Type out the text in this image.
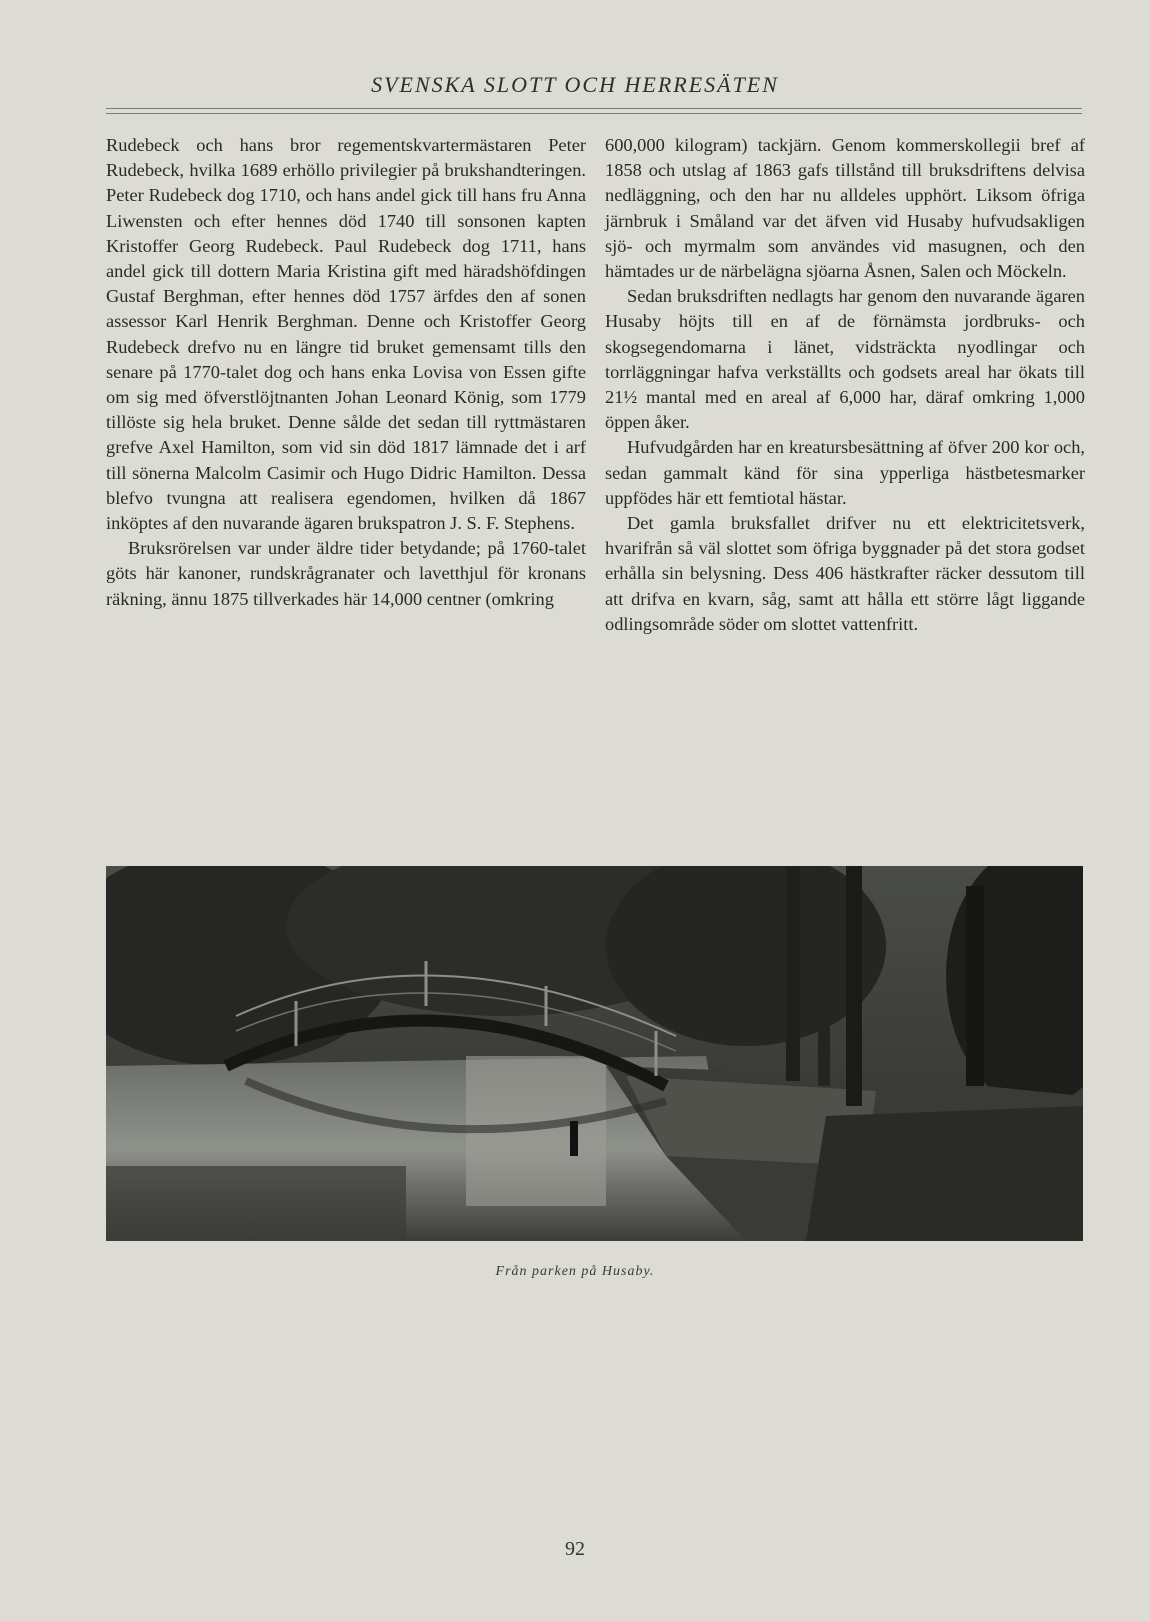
SVENSKA SLOTT OCH HERRESÄTEN

Rudebeck och hans bror regementskvartermästaren Peter Rudebeck, hvilka 1689 erhöllo privilegier på brukshandteringen. Peter Rudebeck dog 1710, och hans andel gick till hans fru Anna Liwensten och efter hennes död 1740 till sonsonen kapten Kristoffer Georg Rudebeck. Paul Rudebeck dog 1711, hans andel gick till dottern Maria Kristina gift med häradshöfdingen Gustaf Berghman, efter hennes död 1757 ärfdes den af sonen assessor Karl Henrik Berghman. Denne och Kristoffer Georg Rudebeck drefvo nu en längre tid bruket gemensamt tills den senare på 1770-talet dog och hans enka Lovisa von Essen gifte om sig med öfverstlöjtnanten Johan Leonard König, som 1779 tillöste sig hela bruket. Denne sålde det sedan till ryttmästaren grefve Axel Hamilton, som vid sin död 1817 lämnade det i arf till sönerna Malcolm Casimir och Hugo Didric Hamilton. Dessa blefvo tvungna att realisera egendomen, hvilken då 1867 inköptes af den nuvarande ägaren brukspatron J. S. F. Stephens.

Bruksrörelsen var under äldre tider betydande; på 1760-talet göts här kanoner, rundskrågranater och lavetthjul för kronans räkning, ännu 1875 tillverkades här 14,000 centner (omkring

600,000 kilogram) tackjärn. Genom kommerskollegii bref af 1858 och utslag af 1863 gafs tillstånd till bruksdriftens delvisa nedläggning, och den har nu alldeles upphört. Liksom öfriga järnbruk i Småland var det äfven vid Husaby hufvudsakligen sjö- och myrmalm som användes vid masugnen, och den hämtades ur de närbelägna sjöarna Åsnen, Salen och Möckeln.

Sedan bruksdriften nedlagts har genom den nuvarande ägaren Husaby höjts till en af de förnämsta jordbruks- och skogsegendomarna i länet, vidsträckta nyodlingar och torrläggningar hafva verkställts och godsets areal har ökats till 21½ mantal med en areal af 6,000 har, däraf omkring 1,000 öppen åker.

Hufvudgården har en kreatursbesättning af öfver 200 kor och, sedan gammalt känd för sina ypperliga hästbetesmarker uppfödes här ett femtiotal hästar.

Det gamla bruksfallet drifver nu ett elektricitetsverk, hvarifrån så väl slottet som öfriga byggnader på det stora godset erhålla sin belysning. Dess 406 hästkrafter räcker dessutom till att drifva en kvarn, såg, samt att hålla ett större lågt liggande odlingsområde söder om slottet vattenfritt.

Från parken på Husaby.
92
